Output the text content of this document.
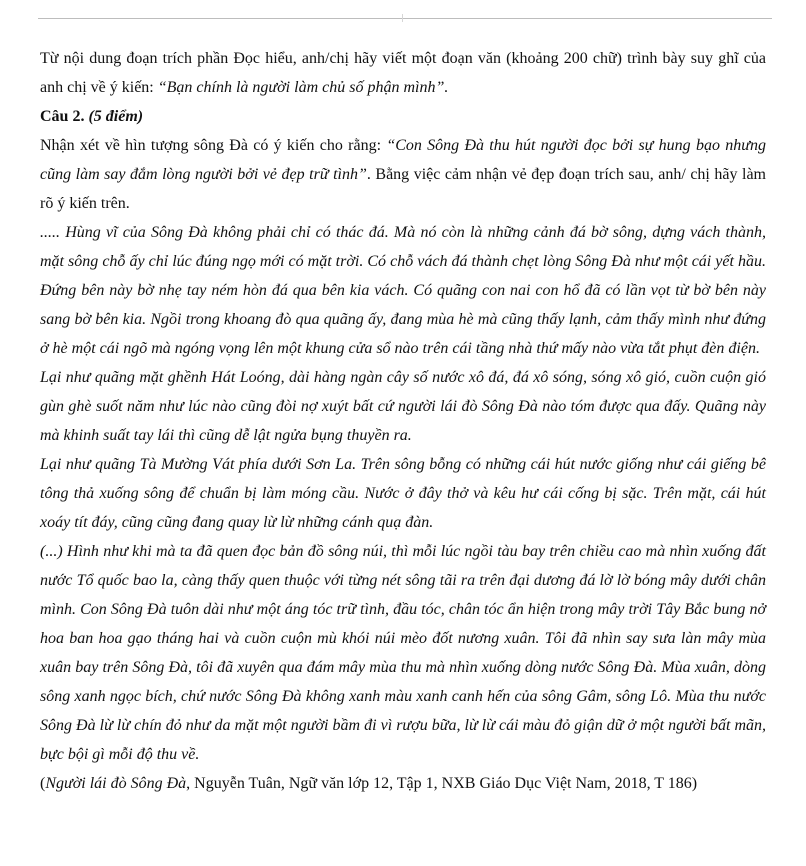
Từ nội dung đoạn trích phần Đọc hiểu, anh/chị hãy viết một đoạn văn (khoảng 200 chữ) trình bày suy ghĩ của anh chị về ý kiến: “Bạn chính là người làm chủ số phận mình”.

Câu 2. (5 điểm)

Nhận xét về hìn tượng sông Đà có ý kiến cho rằng: “Con Sông Đà thu hút người đọc bởi sự hung bạo nhưng cũng làm say đắm lòng người bởi vẻ đẹp trữ tình”. Bằng việc cảm nhận vẻ đẹp đoạn trích sau, anh/ chị hãy làm rõ ý kiến trên.

..... Hùng vĩ của Sông Đà không phải chỉ có thác đá. Mà nó còn là những cảnh đá bờ sông, dựng vách thành, mặt sông chỗ ấy chỉ lúc đúng ngọ mới có mặt trời. Có chỗ vách đá thành chẹt lòng Sông Đà như một cái yết hầu. Đứng bên này bờ nhẹ tay ném hòn đá qua bên kia vách. Có quãng con nai con hổ đã có lần vọt từ bờ bên này sang bờ bên kia. Ngồi trong khoang đò qua quãng ấy, đang mùa hè mà cũng thấy lạnh, cảm thấy mình như đứng ở hè một cái ngõ mà ngóng vọng lên một khung cửa sổ nào trên cái tầng nhà thứ mấy nào vừa tắt phụt đèn điện.

Lại như quãng mặt ghềnh Hát Loóng, dài hàng ngàn cây số nước xô đá, đá xô sóng, sóng xô gió, cuồn cuộn gió gùn ghè suốt năm như lúc nào cũng đòi nợ xuýt bất cứ người lái đò Sông Đà nào tóm được qua đấy. Quãng này mà khinh suất tay lái thì cũng dễ lật ngửa bụng thuyền ra.

Lại như quãng Tà Mường Vát phía dưới Sơn La. Trên sông bỗng có những cái hút nước giống như cái giếng bê tông thả xuống sông để chuẩn bị làm móng cầu. Nước ở đây thở và kêu hư cái cống bị sặc. Trên mặt, cái hút xoáy tít đáy, cũng cũng đang quay lừ lừ những cánh quạ đàn.

(...) Hình như khi mà ta đã quen đọc bản đồ sông núi, thì mỗi lúc ngồi tàu bay trên chiều cao mà nhìn xuống đất nước Tổ quốc bao la, càng thấy quen thuộc với từng nét sông tãi ra trên đại dương đá lờ lờ bóng mây dưới chân mình. Con Sông Đà tuôn dài như một áng tóc trữ tình, đầu tóc, chân tóc ẩn hiện trong mây trời Tây Bắc bung nở hoa ban hoa gạo tháng hai và cuồn cuộn mù khói núi mèo đốt nương xuân. Tôi đã nhìn say sưa làn mây mùa xuân bay trên Sông Đà, tôi đã xuyên qua đám mây mùa thu mà nhìn xuống dòng nước Sông Đà. Mùa xuân, dòng sông xanh ngọc bích, chứ nước Sông Đà không xanh màu xanh canh hến của sông Gâm, sông Lô. Mùa thu nước Sông Đà lừ lừ chín đỏ như da mặt một người bầm đi vì rượu bữa, lừ lừ cái màu đỏ giận dữ ở một người bất mãn, bực bội gì mỗi độ thu về.

(Người lái đò Sông Đà, Nguyễn Tuân, Ngữ văn lớp 12, Tập 1, NXB Giáo Dục Việt Nam, 2018, T 186)
